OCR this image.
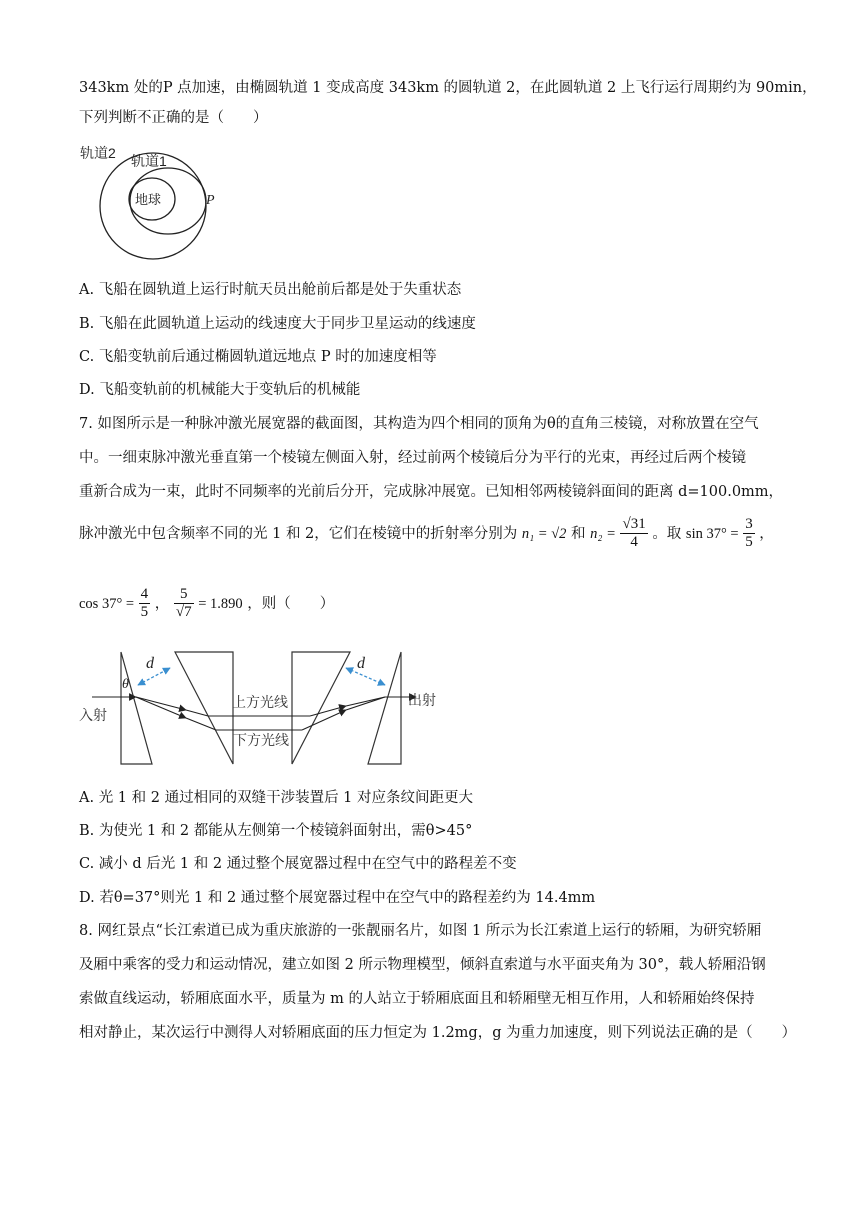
343km 处的P 点加速，由椭圆轨道 1 变成高度 343km 的圆轨道 2，在此圆轨道 2 上飞行运行周期约为 90min，
下列判断不正确的是（　　）
轨道2 轨道1
地球	P
A. 飞船在圆轨道上运行时航天员出舱前后都是处于失重状态
B. 飞船在此圆轨道上运动的线速度大于同步卫星运动的线速度
C. 飞船变轨前后通过椭圆轨道远地点 P 时的加速度相等
D. 飞船变轨前的机械能大于变轨后的机械能
7. 如图所示是一种脉冲激光展宽器的截面图，其构造为四个相同的顶角为θ的直角三棱镜，对称放置在空气
中。一细束脉冲激光垂直第一个棱镜左侧面入射，经过前两个棱镜后分为平行的光束，再经过后两个棱镜
重新合成为一束，此时不同频率的光前后分开，完成脉冲展宽。已知相邻两棱镜斜面间的距离 d=100.0mm，
脉冲激光中包含频率不同的光 1 和 2，它们在棱镜中的折射率分别为 n₁ = √2 和 $n_2 = \frac{√31}{4}$ 。取 $\sin 37^\circ = \frac{3}{5}$ ，
$\cos 37^\circ = \frac{4}{5}$ ， $\frac{5}{√7} = 1.890$ ，则（　　）
d	d
θ
入射
出射
上方光线
下方光线
A. 光 1 和 2 通过相同的双缝干涉装置后 1 对应条纹间距更大
B. 为使光 1 和 2 都能从左侧第一个棱镜斜面射出，需θ>45°
C. 减小 d 后光 1 和 2 通过整个展宽器过程中在空气中的路程差不变
D. 若θ=37°则光 1 和 2 通过整个展宽器过程中在空气中的路程差约为 14.4mm
8. 网红景点“长江索道已成为重庆旅游的一张靓丽名片，如图 1 所示为长江索道上运行的轿厢，为研究轿厢
及厢中乘客的受力和运动情况，建立如图 2 所示物理模型，倾斜直索道与水平面夹角为 30°，载人轿厢沿钢
索做直线运动，轿厢底面水平，质量为 m 的人站立于轿厢底面且和轿厢壁无相互作用，人和轿厢始终保持
相对静止，某次运行中测得人对轿厢底面的压力恒定为 1.2mg，g 为重力加速度，则下列说法正确的是（　　）
